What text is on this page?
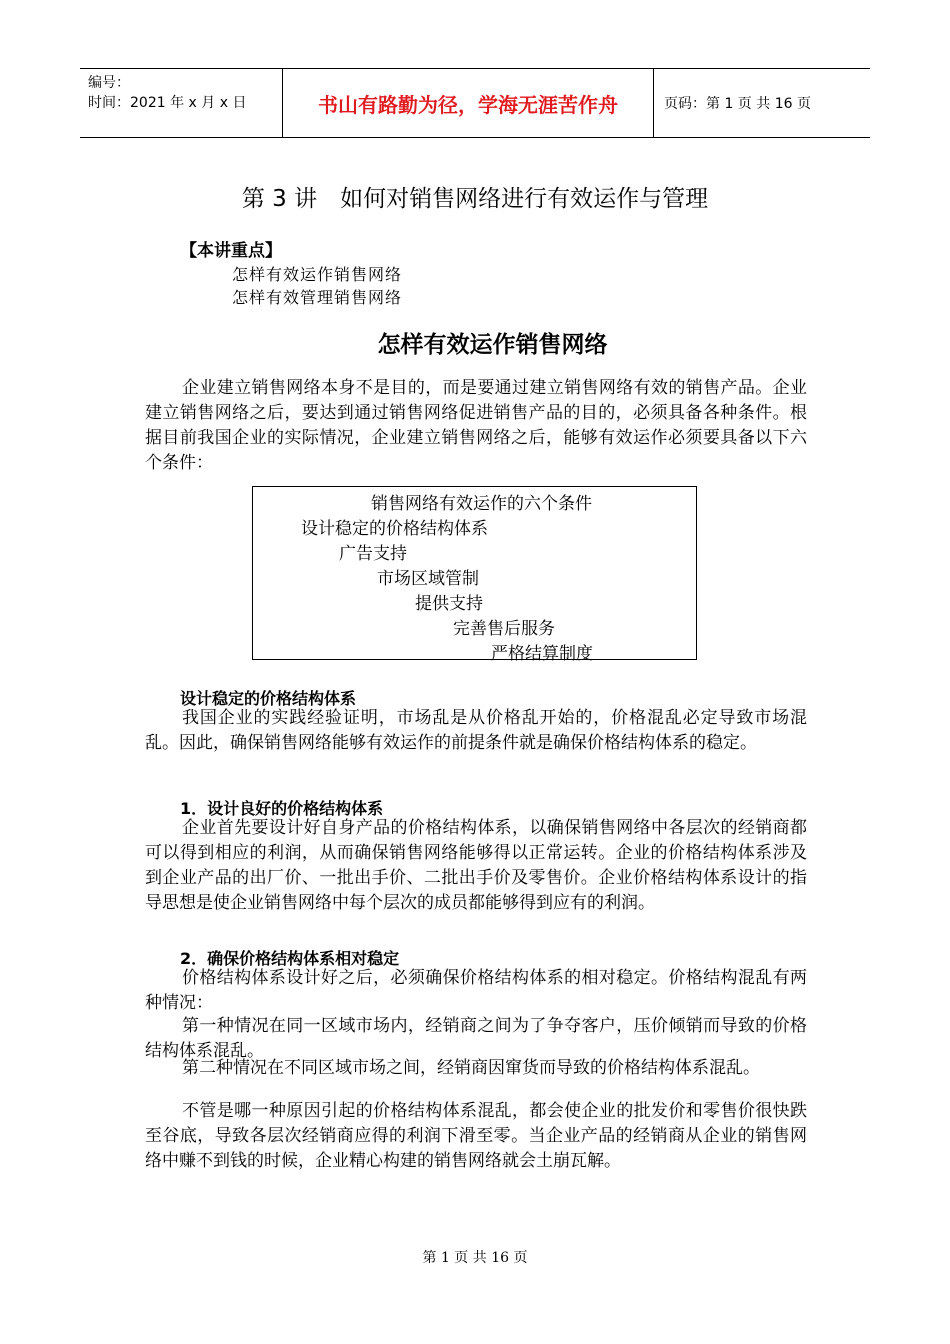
编号：
时间：2021 年 x 月 x 日	书山有路勤为径，学海无涯苦作舟	页码：第 1 页 共 16 页
第 3 讲　如何对销售网络进行有效运作与管理
【本讲重点】
怎样有效运作销售网络
怎样有效管理销售网络
怎样有效运作销售网络
企业建立销售网络本身不是目的，而是要通过建立销售网络有效的销售产品。企业建立销售网络之后，要达到通过销售网络促进销售产品的目的，必须具备各种条件。根据目前我国企业的实际情况，企业建立销售网络之后，能够有效运作必须要具备以下六个条件：
销售网络有效运作的六个条件
设计稳定的价格结构体系
广告支持
市场区域管制
提供支持
完善售后服务
严格结算制度
设计稳定的价格结构体系
我国企业的实践经验证明，市场乱是从价格乱开始的，价格混乱必定导致市场混乱。因此，确保销售网络能够有效运作的前提条件就是确保价格结构体系的稳定。
1．设计良好的价格结构体系
企业首先要设计好自身产品的价格结构体系，以确保销售网络中各层次的经销商都可以得到相应的利润，从而确保销售网络能够得以正常运转。企业的价格结构体系涉及到企业产品的出厂价、一批出手价、二批出手价及零售价。企业价格结构体系设计的指导思想是使企业销售网络中每个层次的成员都能够得到应有的利润。
2．确保价格结构体系相对稳定
价格结构体系设计好之后，必须确保价格结构体系的相对稳定。价格结构混乱有两种情况：
第一种情况在同一区域市场内，经销商之间为了争夺客户，压价倾销而导致的价格结构体系混乱。
第二种情况在不同区域市场之间，经销商因窜货而导致的价格结构体系混乱。
不管是哪一种原因引起的价格结构体系混乱，都会使企业的批发价和零售价很快跌至谷底，导致各层次经销商应得的利润下滑至零。当企业产品的经销商从企业的销售网络中赚不到钱的时候，企业精心构建的销售网络就会土崩瓦解。
第 1 页 共 16 页
